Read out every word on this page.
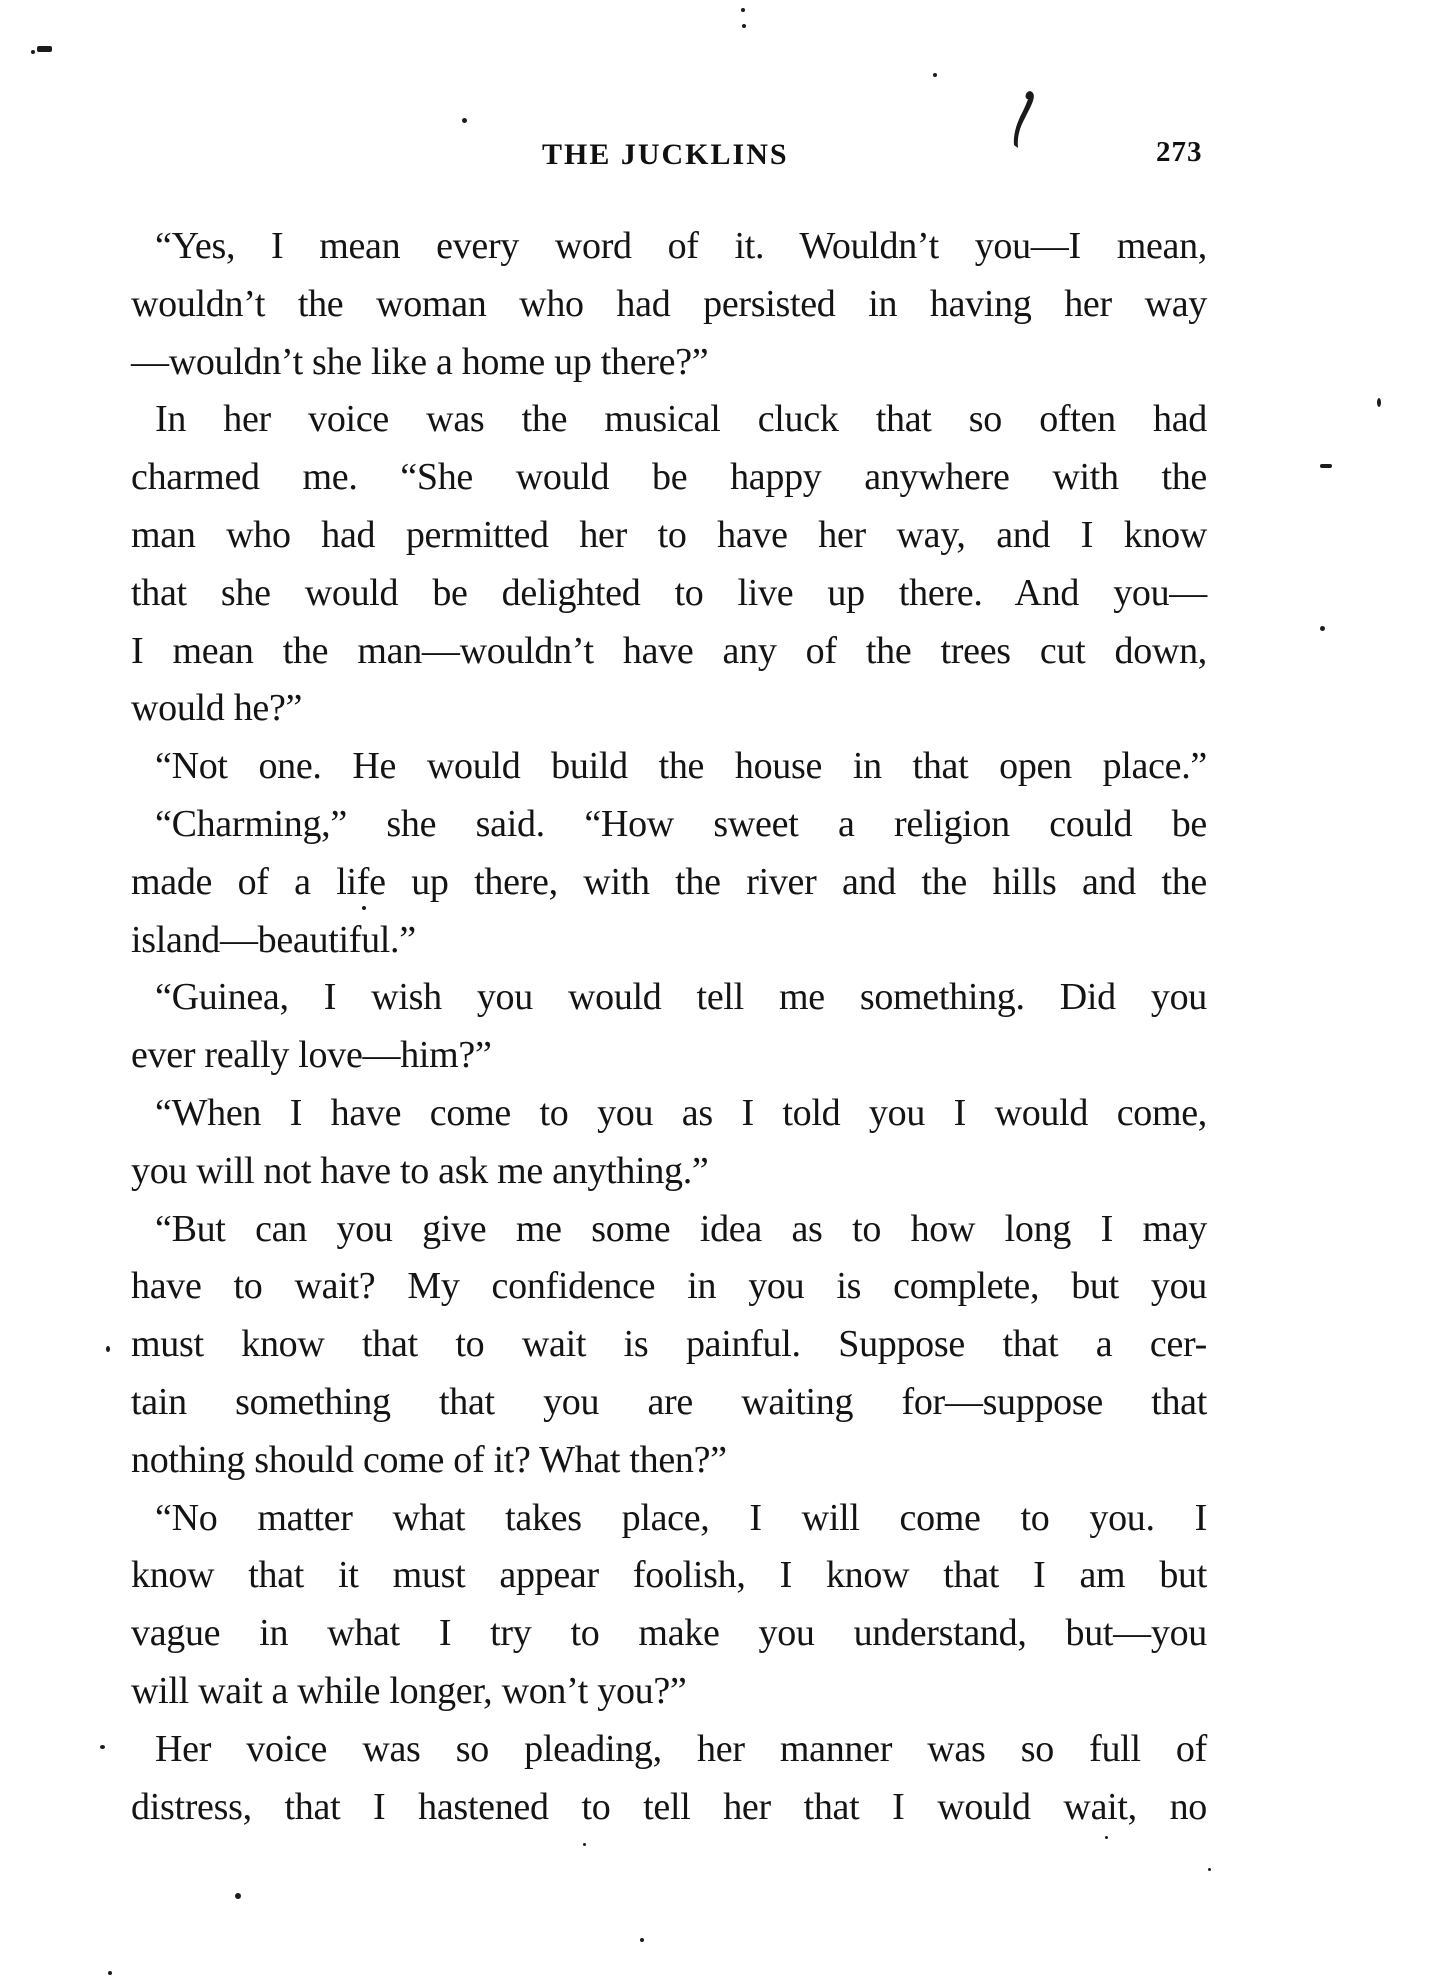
THE JUCKLINS	273
“Yes, I mean every word of it. Wouldn’t you—I mean,
wouldn’t the woman who had persisted in having her way
—wouldn’t she like a home up there?”
In her voice was the musical cluck that so often had
charmed me. “She would be happy anywhere with the
man who had permitted her to have her way, and I know
that she would be delighted to live up there. And you—
I mean the man—wouldn’t have any of the trees cut down,
would he?”
“Not one. He would build the house in that open place.”
“Charming,” she said. “How sweet a religion could be
made of a life up there, with the river and the hills and the
island—beautiful.”
“Guinea, I wish you would tell me something. Did you
ever really love—him?”
“When I have come to you as I told you I would come,
you will not have to ask me anything.”
“But can you give me some idea as to how long I may
have to wait? My confidence in you is complete, but you
must know that to wait is painful. Suppose that a cer-
tain something that you are waiting for—suppose that
nothing should come of it? What then?”
“No matter what takes place, I will come to you. I
know that it must appear foolish, I know that I am but
vague in what I try to make you understand, but—you
will wait a while longer, won’t you?”
Her voice was so pleading, her manner was so full of
distress, that I hastened to tell her that I would wait, no
